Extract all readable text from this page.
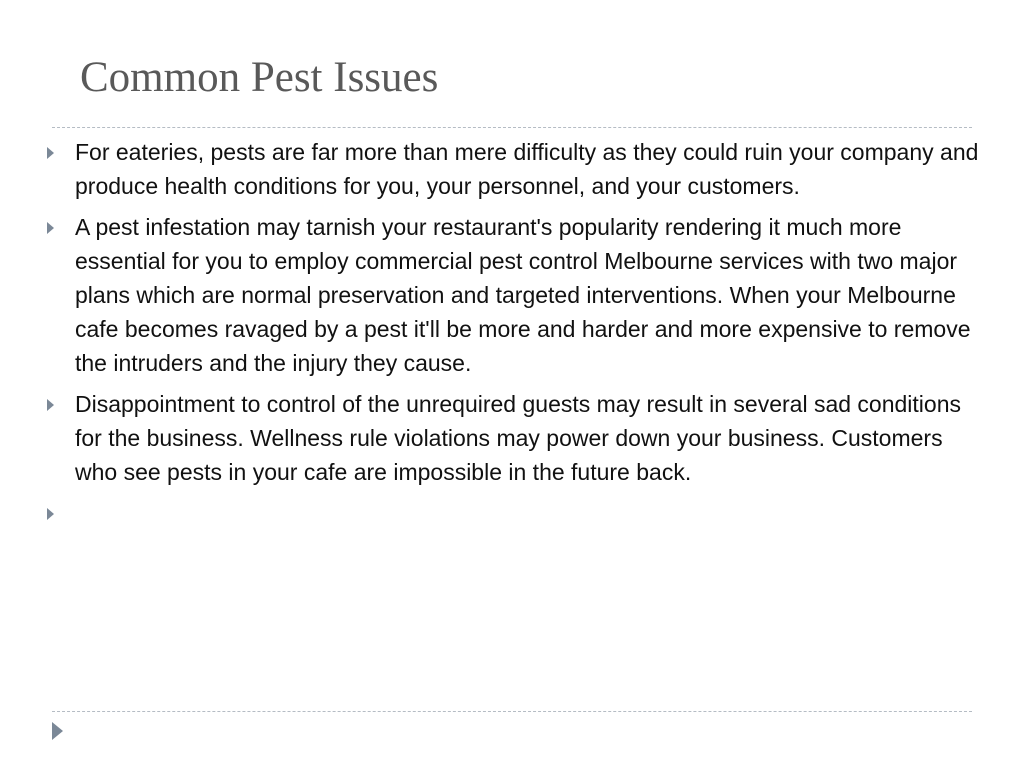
Common Pest Issues
For eateries, pests are far more than mere difficulty as they could ruin your company and produce health conditions for you, your personnel, and your customers.
A pest infestation may tarnish your restaurant's popularity rendering it much more essential for you to employ commercial pest control Melbourne services with two major plans which are normal preservation and targeted interventions. When your Melbourne cafe becomes ravaged by a pest it'll be more and harder and more expensive to remove the intruders and the injury they cause.
Disappointment to control of the unrequired guests may result in several sad conditions for the business. Wellness rule violations may power down your business. Customers who see pests in your cafe are impossible in the future back.
